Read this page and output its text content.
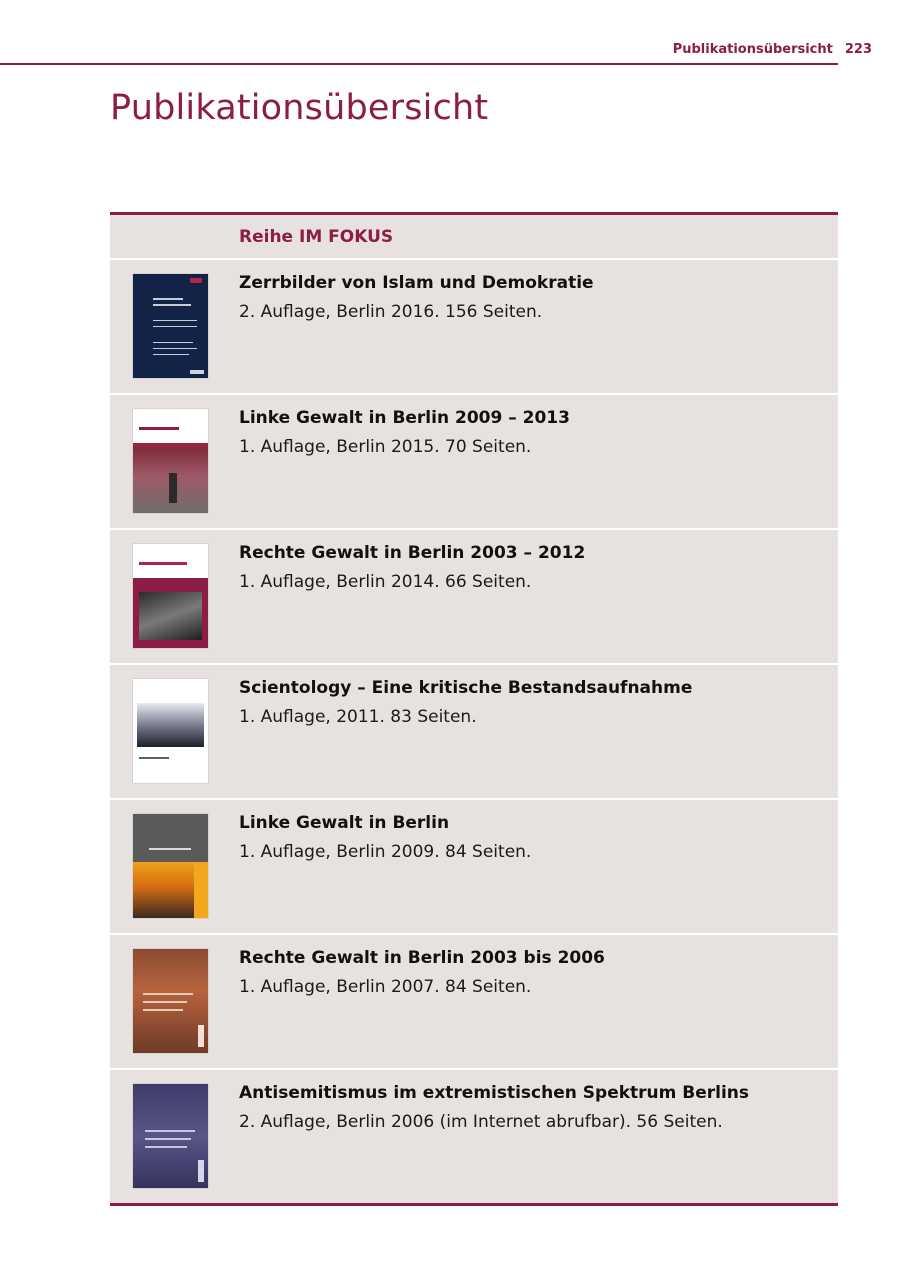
Publikationsübersicht 223
Publikationsübersicht
Reihe IM FOKUS
Zerrbilder von Islam und Demokratie
2. Auflage, Berlin 2016. 156 Seiten.
Linke Gewalt in Berlin 2009 – 2013
1. Auflage, Berlin 2015. 70 Seiten.
Rechte Gewalt in Berlin 2003 – 2012
1. Auflage, Berlin 2014. 66 Seiten.
Scientology – Eine kritische Bestandsaufnahme
1. Auflage, 2011. 83 Seiten.
Linke Gewalt in Berlin
1. Auflage, Berlin 2009. 84 Seiten.
Rechte Gewalt in Berlin 2003 bis 2006
1. Auflage, Berlin 2007. 84 Seiten.
Antisemitismus im extremistischen Spektrum Berlins
2. Auflage, Berlin 2006 (im Internet abrufbar). 56 Seiten.
